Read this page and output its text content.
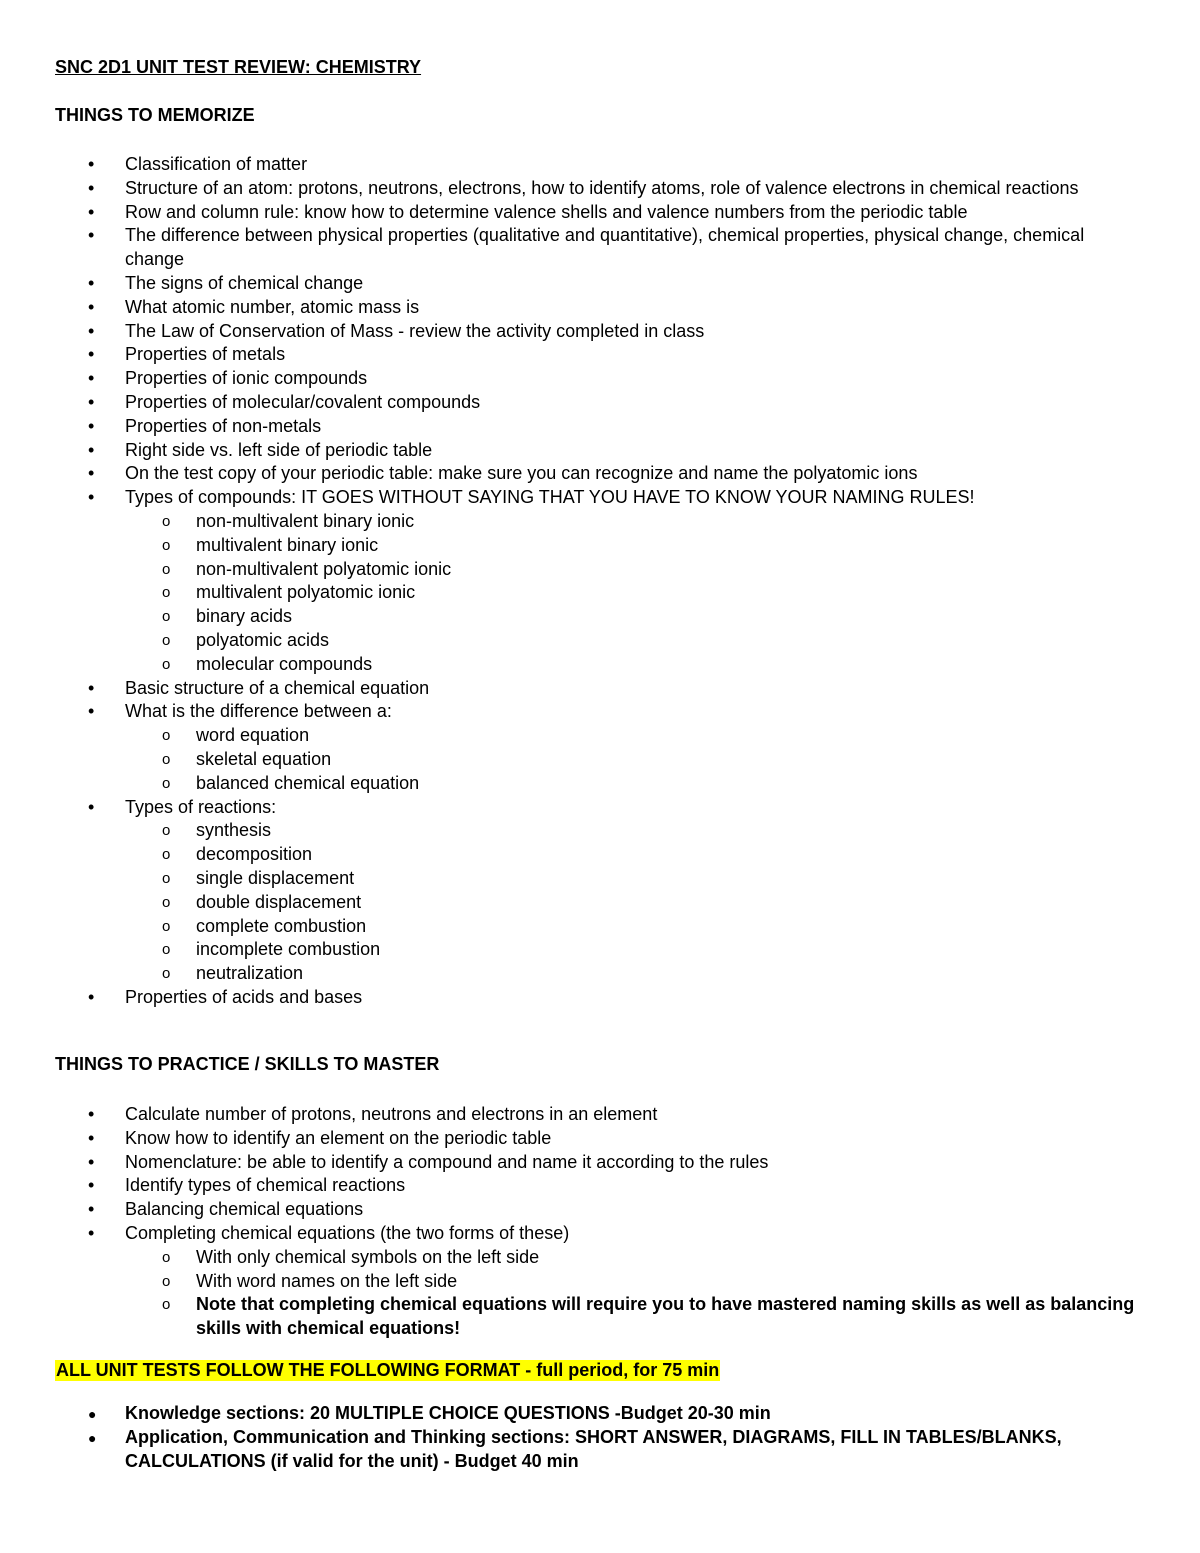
SNC 2D1 UNIT TEST REVIEW: CHEMISTRY
THINGS TO MEMORIZE
• Classification of matter
• Structure of an atom: protons, neutrons, electrons, how to identify atoms, role of valence electrons in chemical reactions
• Row and column rule: know how to determine valence shells and valence numbers from the periodic table
• The difference between physical properties (qualitative and quantitative), chemical properties, physical change, chemical change
• The signs of chemical change
• What atomic number, atomic mass is
• The Law of Conservation of Mass - review the activity completed in class
• Properties of metals
• Properties of ionic compounds
• Properties of molecular/covalent compounds
• Properties of non-metals
• Right side vs. left side of periodic table
• On the test copy of your periodic table: make sure you can recognize and name the polyatomic ions
• Types of compounds: IT GOES WITHOUT SAYING THAT YOU HAVE TO KNOW YOUR NAMING RULES!
o non-multivalent binary ionic
o multivalent binary ionic
o non-multivalent polyatomic ionic
o multivalent polyatomic ionic
o binary acids
o polyatomic acids
o molecular compounds
• Basic structure of a chemical equation
• What is the difference between a:
o word equation
o skeletal equation
o balanced chemical equation
• Types of reactions:
o synthesis
o decomposition
o single displacement
o double displacement
o complete combustion
o incomplete combustion
o neutralization
• Properties of acids and bases
THINGS TO PRACTICE / SKILLS TO MASTER
• Calculate number of protons, neutrons and electrons in an element
• Know how to identify an element on the periodic table
• Nomenclature: be able to identify a compound and name it according to the rules
• Identify types of chemical reactions
• Balancing chemical equations
• Completing chemical equations (the two forms of these)
o With only chemical symbols on the left side
o With word names on the left side
o Note that completing chemical equations will require you to have mastered naming skills as well as balancing skills with chemical equations!
ALL UNIT TESTS FOLLOW THE FOLLOWING FORMAT - full period, for 75 min
● Knowledge sections: 20 MULTIPLE CHOICE QUESTIONS -Budget 20-30 min
● Application, Communication and Thinking sections: SHORT ANSWER, DIAGRAMS, FILL IN TABLES/BLANKS, CALCULATIONS (if valid for the unit) - Budget 40 min
